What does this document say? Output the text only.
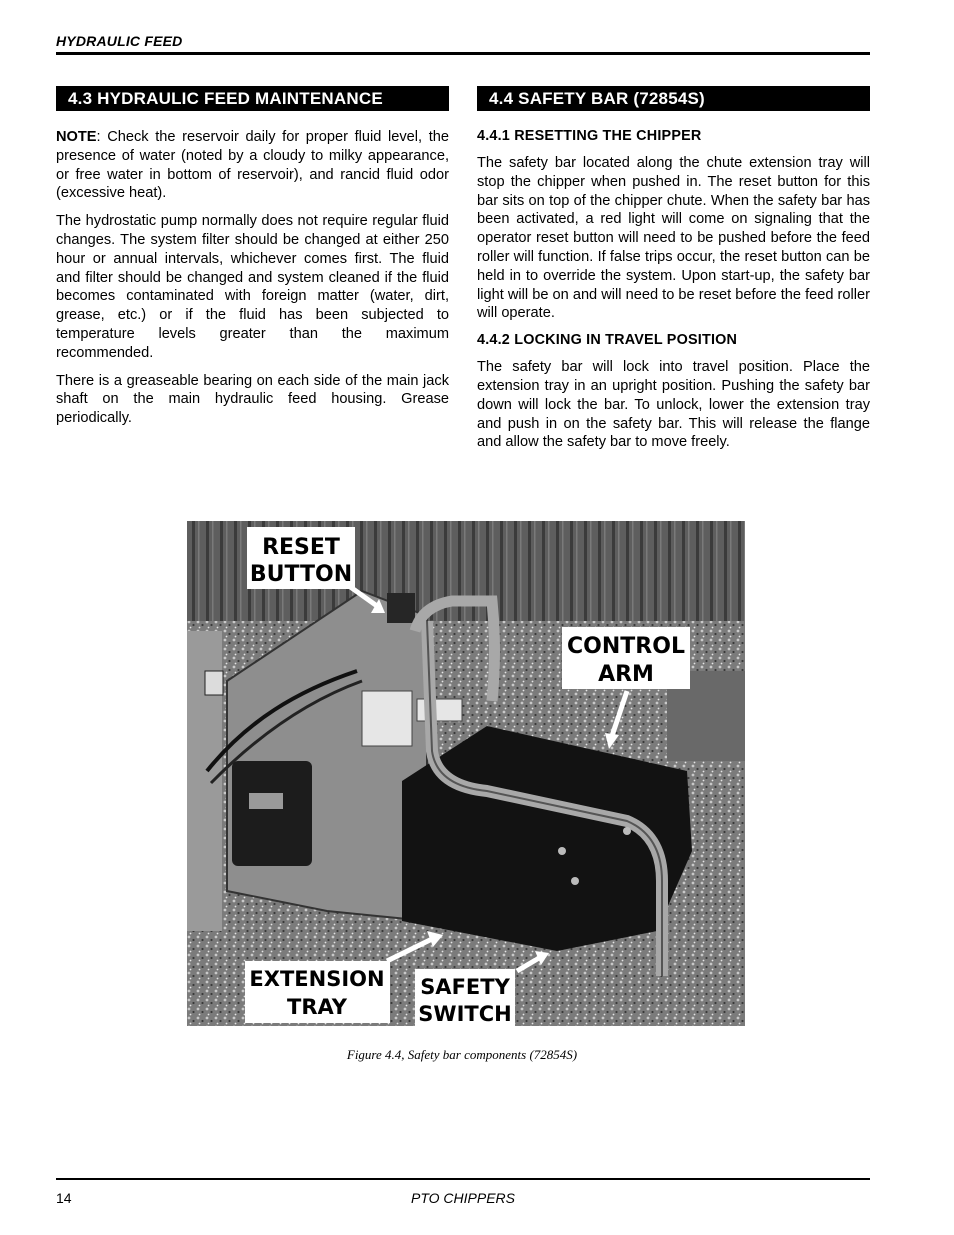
HYDRAULIC FEED
4.3 HYDRAULIC FEED MAINTENANCE

NOTE: Check the reservoir daily for proper fluid level, the presence of water (noted by a cloudy to milky appearance, or free water in bottom of reservoir), and rancid fluid odor (excessive heat).

The hydrostatic pump normally does not require regular fluid changes. The system filter should be changed at either 250 hour or annual intervals, whichever comes first. The fluid and filter should be changed and system cleaned if the fluid becomes contaminated with foreign matter (water, dirt, grease, etc.) or if the fluid has been subjected to temperature levels greater than the maximum recommended.

There is a greaseable bearing on each side of the main jack shaft on the main hydraulic feed housing. Grease periodically.

4.4 SAFETY BAR (72854S)
4.4.1 RESETTING THE CHIPPER

The safety bar located along the chute extension tray will stop the chipper when pushed in. The reset button for this bar sits on top of the chipper chute. When the safety bar has been activated, a red light will come on signaling that the operator reset button will need to be pushed before the feed roller will function. If false trips occur, the reset button can be held in to override the system. Upon start-up, the safety bar light will be on and will need to be reset before the feed roller will operate.

4.4.2 LOCKING IN TRAVEL POSITION

The safety bar will lock into travel position. Place the extension tray in an upright position. Pushing the safety bar down will lock the bar. To unlock, lower the extension tray and push in on the safety bar. This will release the flange and allow the safety bar to move freely.

RESET
BUTTON
CONTROL
ARM
EXTENSION
TRAY
SAFETY
SWITCH
Figure 4.4, Safety bar components (72854S)
14	PTO CHIPPERS
